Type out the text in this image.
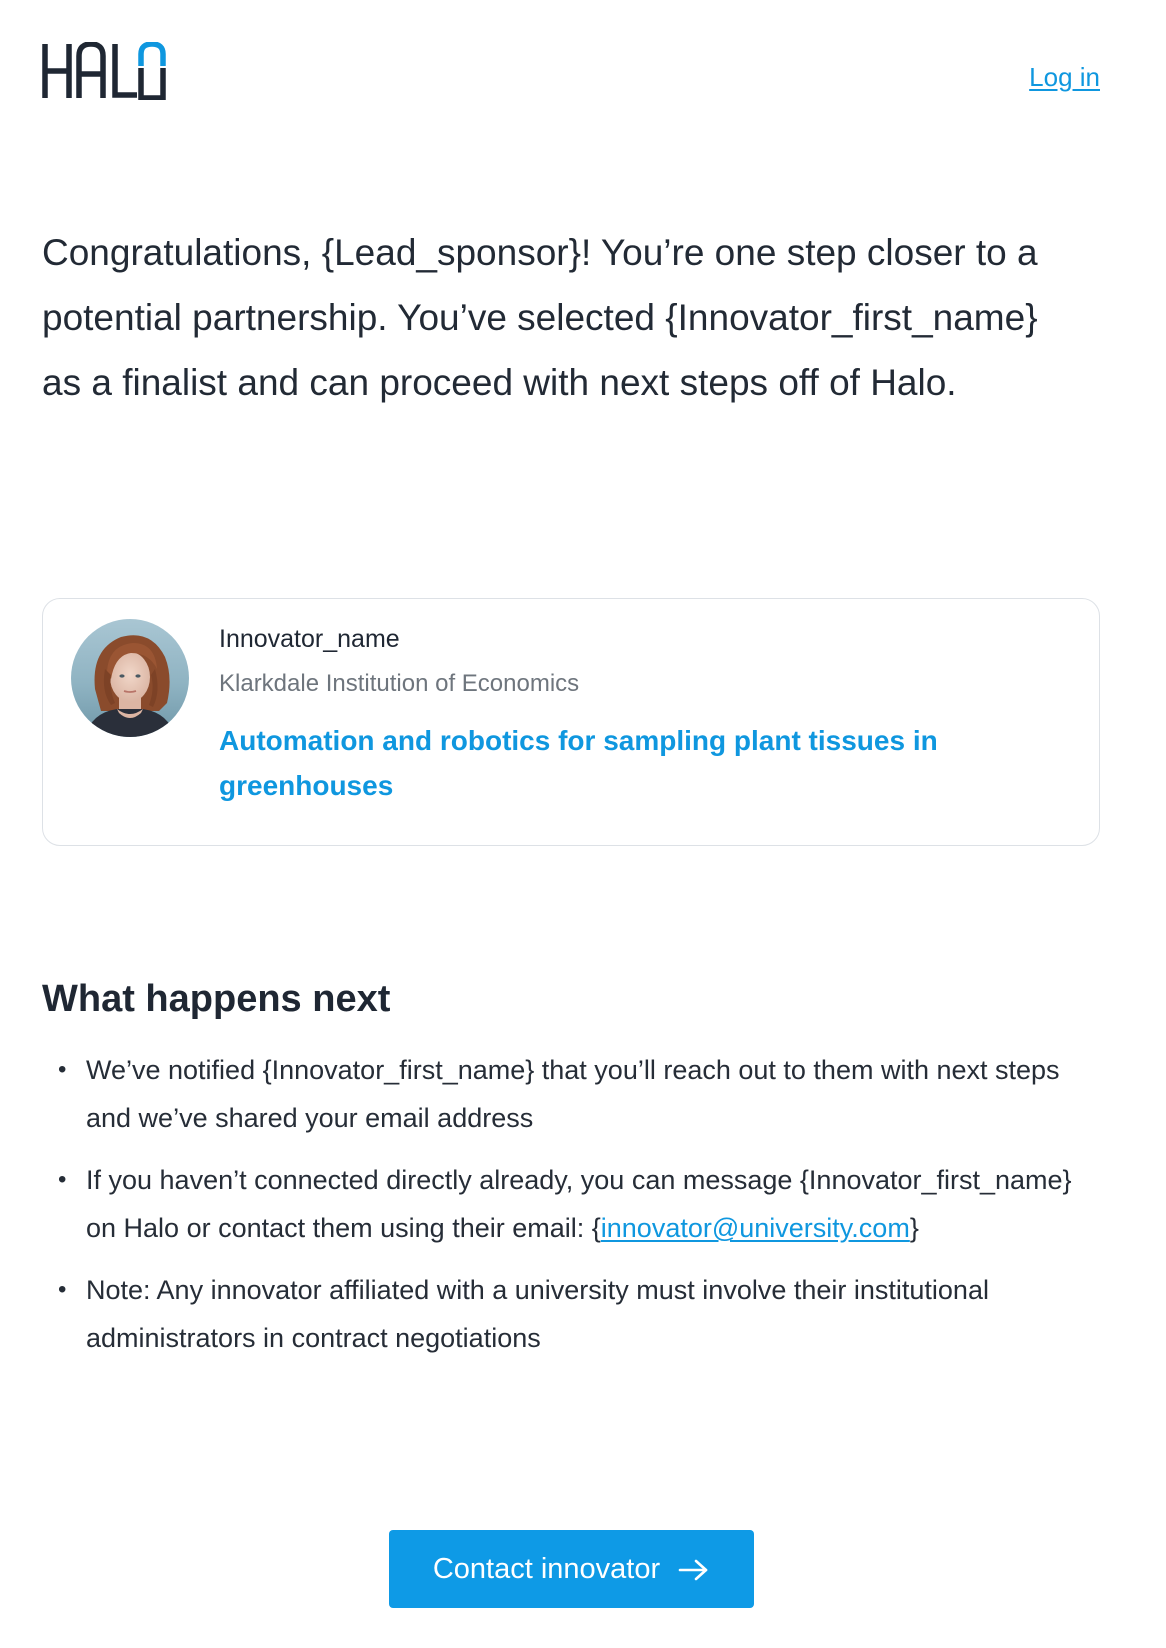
Log in

Congratulations, {Lead_sponsor}! You’re one step closer to a potential partnership. You’ve selected {Innovator_first_name} as a finalist and can proceed with next steps off of Halo.

Innovator_name
Klarkdale Institution of Economics
Automation and robotics for sampling plant tissues in greenhouses
What happens next
• We’ve notified {Innovator_first_name} that you’ll reach out to them with next steps and we’ve shared your email address
• If you haven’t connected directly already, you can message {Innovator_first_name} on Halo or contact them using their email: {innovator@university.com}
• Note: Any innovator affiliated with a university must involve their institutional administrators in contract negotiations
Contact innovator
